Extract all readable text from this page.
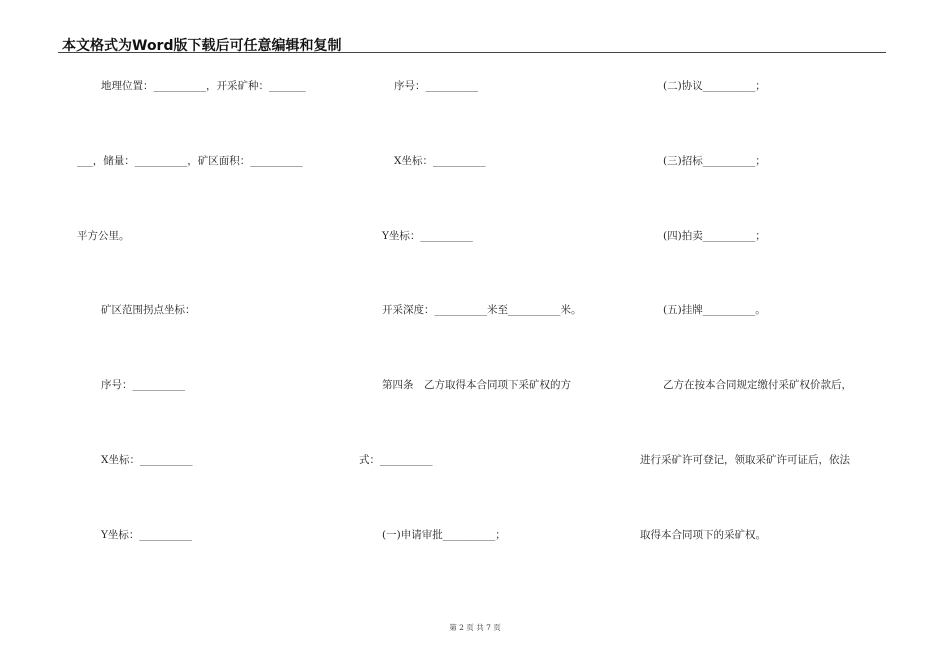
本文格式为Word版下载后可任意编辑和复制
地理位置：__________，开采矿种：_______
___，储量：__________，矿区面积：__________
平方公里。
矿区范围拐点坐标：
序号：__________
X坐标：__________
Y坐标：__________
序号：__________
X坐标：__________
Y坐标：__________
开采深度：__________米至__________米。
第四条　乙方取得本合同项下采矿权的方
式：__________
(一)申请审批__________；
(二)协议__________；
(三)招标__________；
(四)拍卖__________；
(五)挂牌__________。
乙方在按本合同规定缴付采矿权价款后，
进行采矿许可登记，领取采矿许可证后，依法
取得本合同项下的采矿权。
第 2 页 共 7 页
